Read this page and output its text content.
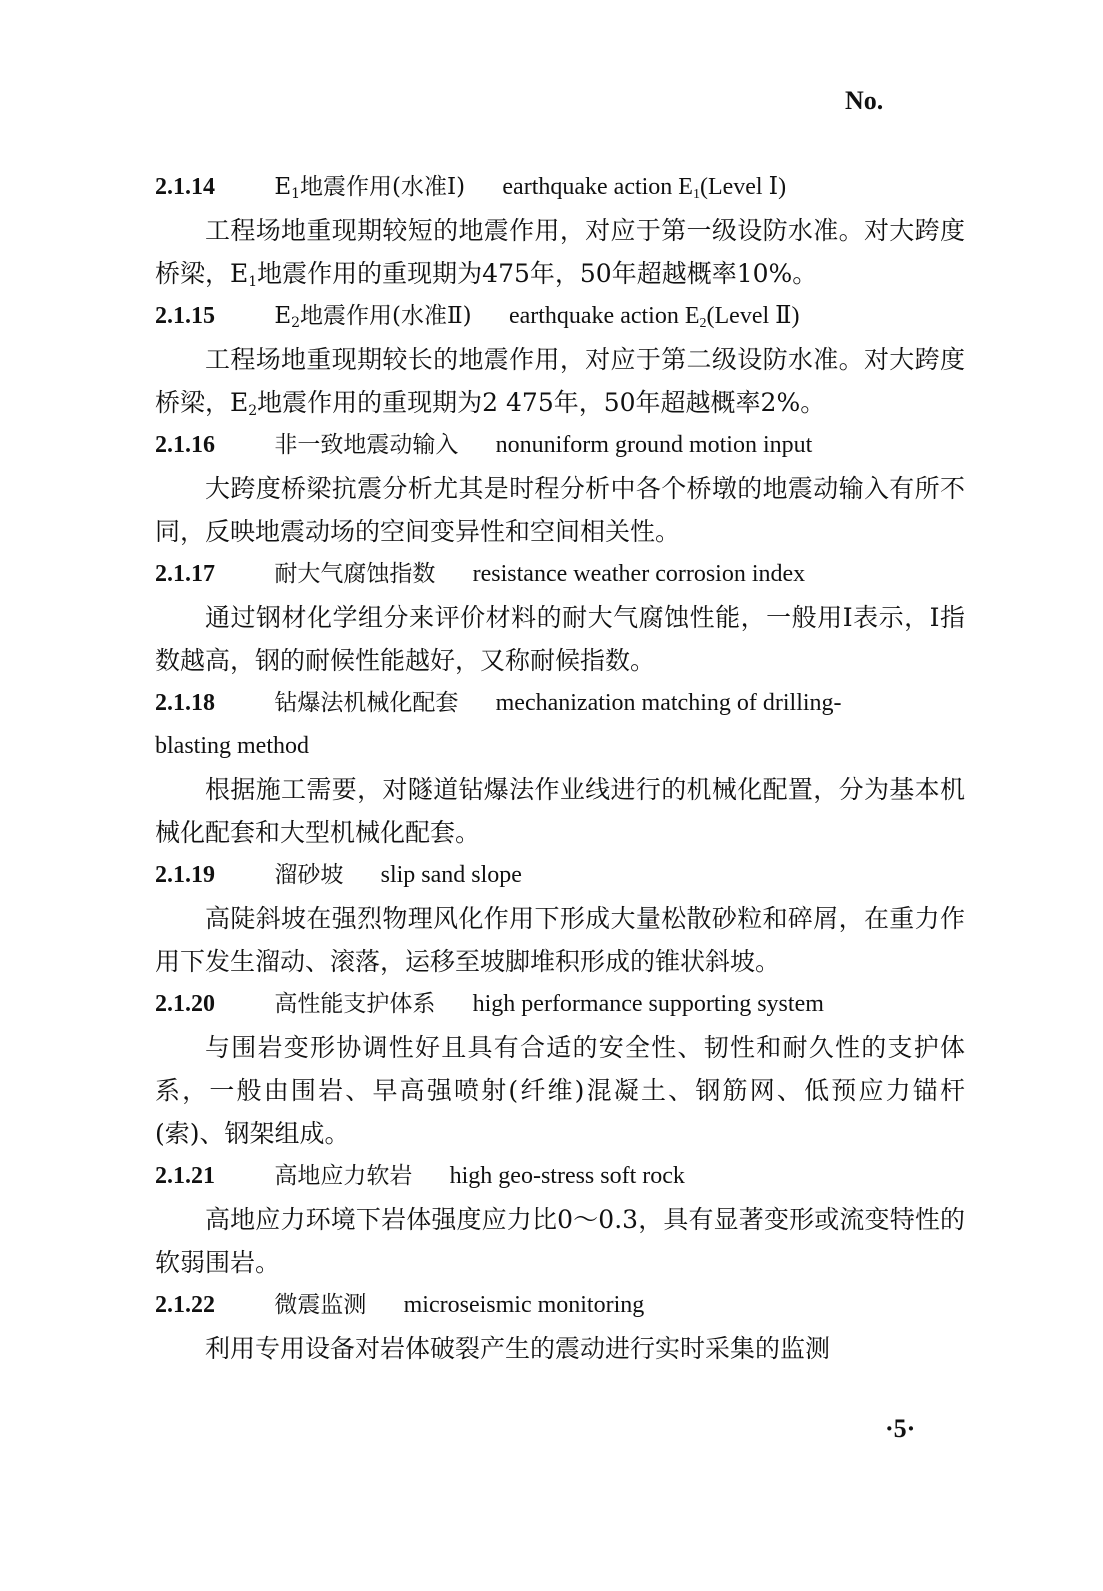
No.
2.1.14	$E_1$地震作用(水准Ⅰ) earthquake action $E_1(Level$ Ⅰ)

工程场地重现期较短的地震作用，对应于第一级设防水准。对大跨度桥梁，$E_1$地震作用的重现期为475年，50年超越概率10%。

2.1.15	$E_2$地震作用(水准Ⅱ) earthquake action $E_2(Level$ Ⅱ)

工程场地重现期较长的地震作用，对应于第二级设防水准。对大跨度桥梁，$E_2$地震作用的重现期为2 475年，50年超越概率2%。

2.1.16	非一致地震动输入 nonuniform ground motion input

大跨度桥梁抗震分析尤其是时程分析中各个桥墩的地震动输入有所不同，反映地震动场的空间变异性和空间相关性。

2.1.17	耐大气腐蚀指数 resistance weather corrosion index

通过钢材化学组分来评价材料的耐大气腐蚀性能，一般用I表示，I指数越高，钢的耐候性能越好，又称耐候指数。

2.1.18	钻爆法机械化配套 mechanization matching of drilling-
blasting method

根据施工需要，对隧道钻爆法作业线进行的机械化配置，分为基本机械化配套和大型机械化配套。

2.1.19	溜砂坡 slip sand slope

高陡斜坡在强烈物理风化作用下形成大量松散砂粒和碎屑，在重力作用下发生溜动、滚落，运移至坡脚堆积形成的锥状斜坡。

2.1.20	高性能支护体系 high performance supporting system

与围岩变形协调性好且具有合适的安全性、韧性和耐久性的支护体系，一般由围岩、早高强喷射(纤维)混凝土、钢筋网、低预应力锚杆(索)、钢架组成。

2.1.21	高地应力软岩 high geo-stress soft rock

高地应力环境下岩体强度应力比0～0.3，具有显著变形或流变特性的软弱围岩。

2.1.22	微震监测 microseismic monitoring

利用专用设备对岩体破裂产生的震动进行实时采集的监测

·5·
